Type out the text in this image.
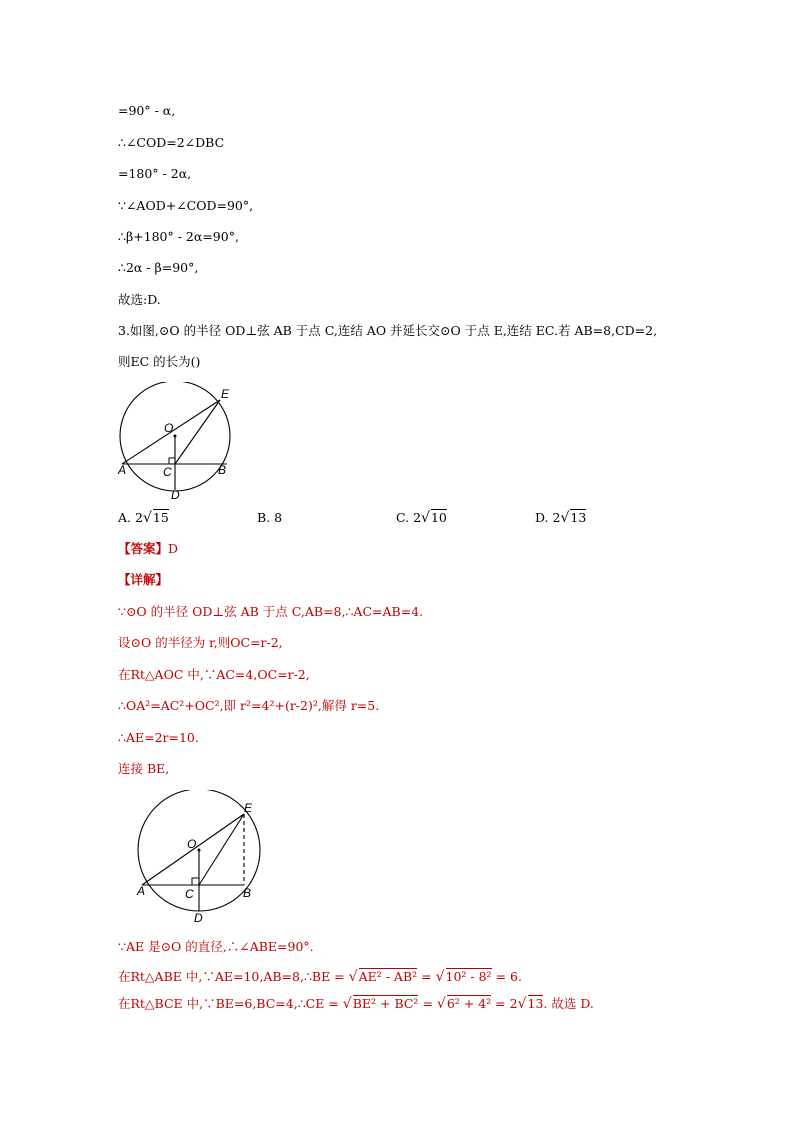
=90° - α,
∴∠COD=2∠DBC
=180° - 2α,
∵∠AOD+∠COD=90°,
∴β+180° - 2α=90°,
∴2α - β=90°,
故选:D.
3.如图,⊙O 的半径 OD⊥弦 AB 于点 C,连结 AO 并延长交⊙O 于点 E,连结 EC.若 AB=8,CD=2,
则EC 的长为()
E
O
A	C	B
D
A. 2√15	B. 8	C. 2√10	D. 2√13
【答案】D
【详解】
∵⊙O 的半径 OD⊥弦 AB 于点 C,AB=8,∴AC=AB=4.
设⊙O 的半径为 r,则OC=r-2,
在Rt△AOC 中,∵AC=4,OC=r-2,
∴OA²=AC²+OC²,即 r²=4²+(r-2)²,解得 r=5.
∴AE=2r=10.
连接 BE,
E
O
A	C	B
D
∵AE 是⊙O 的直径,∴∠ABE=90°.
在Rt△ABE 中,∵AE=10,AB=8,∴BE = √AE² - AB² = √10² - 8² = 6.
在Rt△BCE 中,∵BE=6,BC=4,∴CE = √BE² + BC² = √6² + 4² = 2√13. 故选 D.
